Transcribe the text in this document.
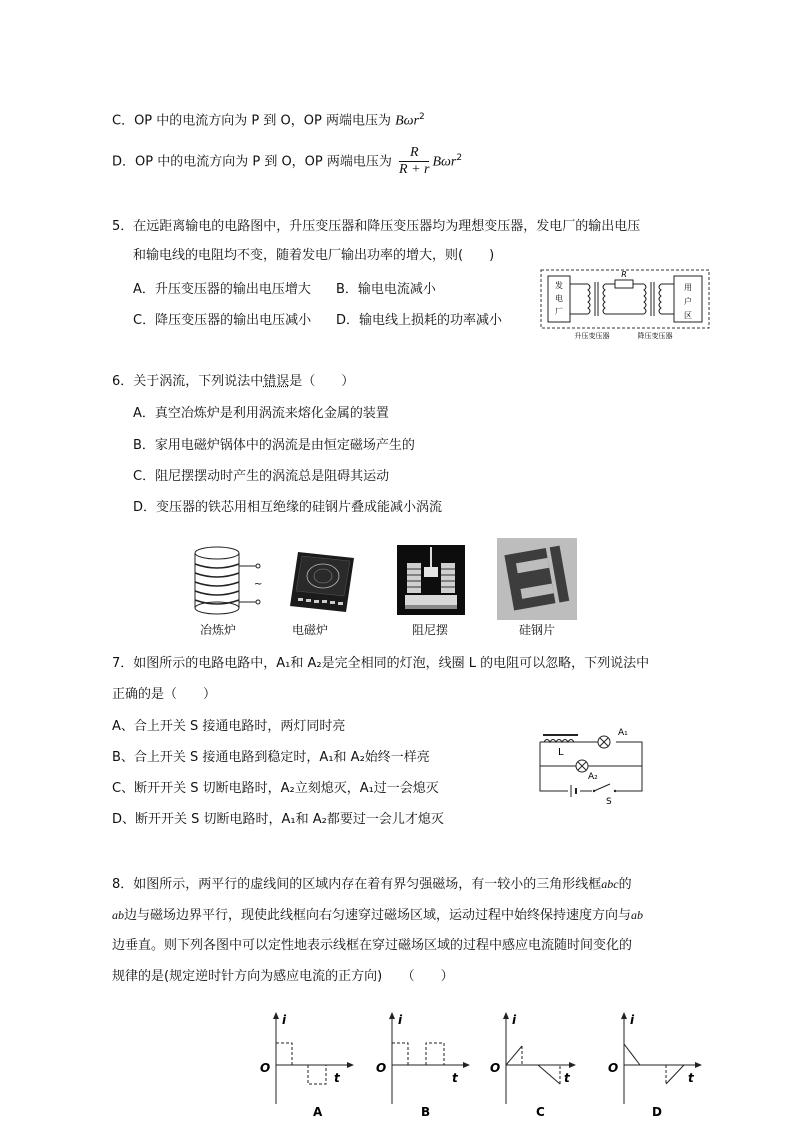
C．OP 中的电流方向为 P 到 O，OP 两端电压为 Bωr$^2$
D．OP 中的电流方向为 P 到 O，OP 两端电压为 $\frac{R}{R + r} B\omega r^2$
5．在远距离输电的电路图中，升压变压器和降压变压器均为理想变压器，发电厂的输出电压
和输电线的电阻均不变，随着发电厂输出功率的增大，则(　　)
A．升压变压器的输出电压增大 B．输电电流减小
C．降压变压器的输出电压减小 D．输电线上损耗的功率减小
发
电
厂
用
户
区
R
升压变压器	降压变压器
6．关于涡流，下列说法中错误是（　　）
A．真空冶炼炉是利用涡流来熔化金属的装置
B．家用电磁炉锅体中的涡流是由恒定磁场产生的
C．阻尼摆摆动时产生的涡流总是阻碍其运动
D．变压器的铁芯用相互绝缘的硅钢片叠成能减小涡流
~
冶炼炉	电磁炉	阻尼摆	硅钢片
7．如图所示的电路电路中，A₁和 A₂是完全相同的灯泡，线圈 L 的电阻可以忽略，下列说法中
正确的是（　　）
A、合上开关 S 接通电路时，两灯同时亮
B、合上开关 S 接通电路到稳定时，A₁和 A₂始终一样亮
C、断开开关 S 切断电路时，A₂立刻熄灭，A₁过一会熄灭
D、断开开关 S 切断电路时，A₁和 A₂都要过一会儿才熄灭
L
A₁
A₂
S
8．如图所示，两平行的虚线间的区域内存在着有界匀强磁场，有一较小的三角形线框abc的
ab边与磁场边界平行，现使此线框向右匀速穿过磁场区域，运动过程中始终保持速度方向与ab
边垂直。则下列各图中可以定性地表示线框在穿过磁场区域的过程中感应电流随时间变化的
规律的是(规定逆时针方向为感应电流的正方向)　　（　　）
i
t
O
A
i
t
O
B
i
t
O
C
i
t
O
D
